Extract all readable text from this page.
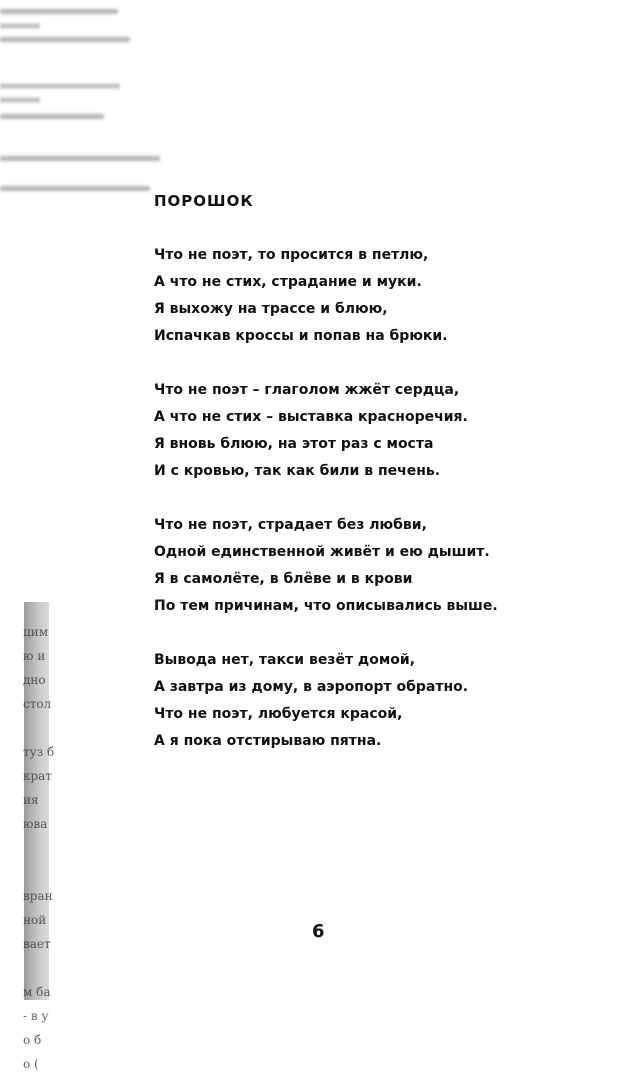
цим
ю и
дно
стол

туз б
крат
ия
юва

вран
ной
вает

м ба
- в у
о б
о (
ПОРОШОК
Что не поэт, то просится в петлю,
А что не стих, страдание и муки.
Я выхожу на трассе и блюю,
Испачкав кроссы и попав на брюки.
Что не поэт – глаголом жжёт сердца,
А что не стих – выставка красноречия.
Я вновь блюю, на этот раз с моста
И с кровью, так как били в печень.
Что не поэт, страдает без любви,
Одной единственной живёт и ею дышит.
Я в самолёте, в блёве и в крови
По тем причинам, что описывались выше.
Вывода нет, такси везёт домой,
А завтра из дому, в аэропорт обратно.
Что не поэт, любуется красой,
А я пока отстирываю пятна.
6
